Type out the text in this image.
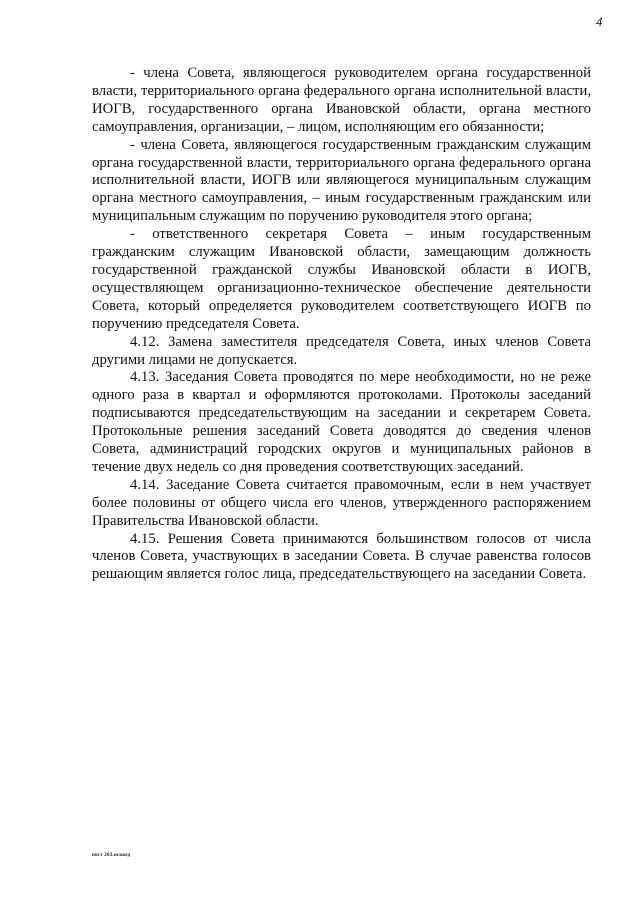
4

- члена Совета, являющегося руководителем органа государственной власти, территориального органа федерального органа исполнительной власти, ИОГВ, государственного органа Ивановской области, органа местного самоуправления, организации, – лицом, исполняющим его обязанности;

- члена Совета, являющегося государственным гражданским служащим органа государственной власти, территориального органа федерального органа исполнительной власти, ИОГВ или являющегося муниципальным служащим органа местного самоуправления, – иным государственным гражданским или муниципальным служащим по поручению руководителя этого органа;

- ответственного секретаря Совета – иным государственным гражданским служащим Ивановской области, замещающим должность государственной гражданской службы Ивановской области в ИОГВ, осуществляющем организационно-техническое обеспечение деятельности Совета, который определяется руководителем соответствующего ИОГВ по поручению председателя Совета.

4.12. Замена заместителя председателя Совета, иных членов Совета другими лицами не допускается.

4.13. Заседания Совета проводятся по мере необходимости, но не реже одного раза в квартал и оформляются протоколами. Протоколы заседаний подписываются председательствующим на заседании и секретарем Совета. Протокольные решения заседаний Совета доводятся до сведения членов Совета, администраций городских округов и муниципальных районов в течение двух недель со дня проведения соответствующих заседаний.

4.14. Заседание Совета считается правомочным, если в нем участвует более половины от общего числа его членов, утвержденного распоряжением Правительства Ивановской области.

4.15. Решения Совета принимаются большинством голосов от числа членов Совета, участвующих в заседании Совета. В случае равенства голосов решающим является голос лица, председательствующего на заседании Совета.

пост 203.нсккед
